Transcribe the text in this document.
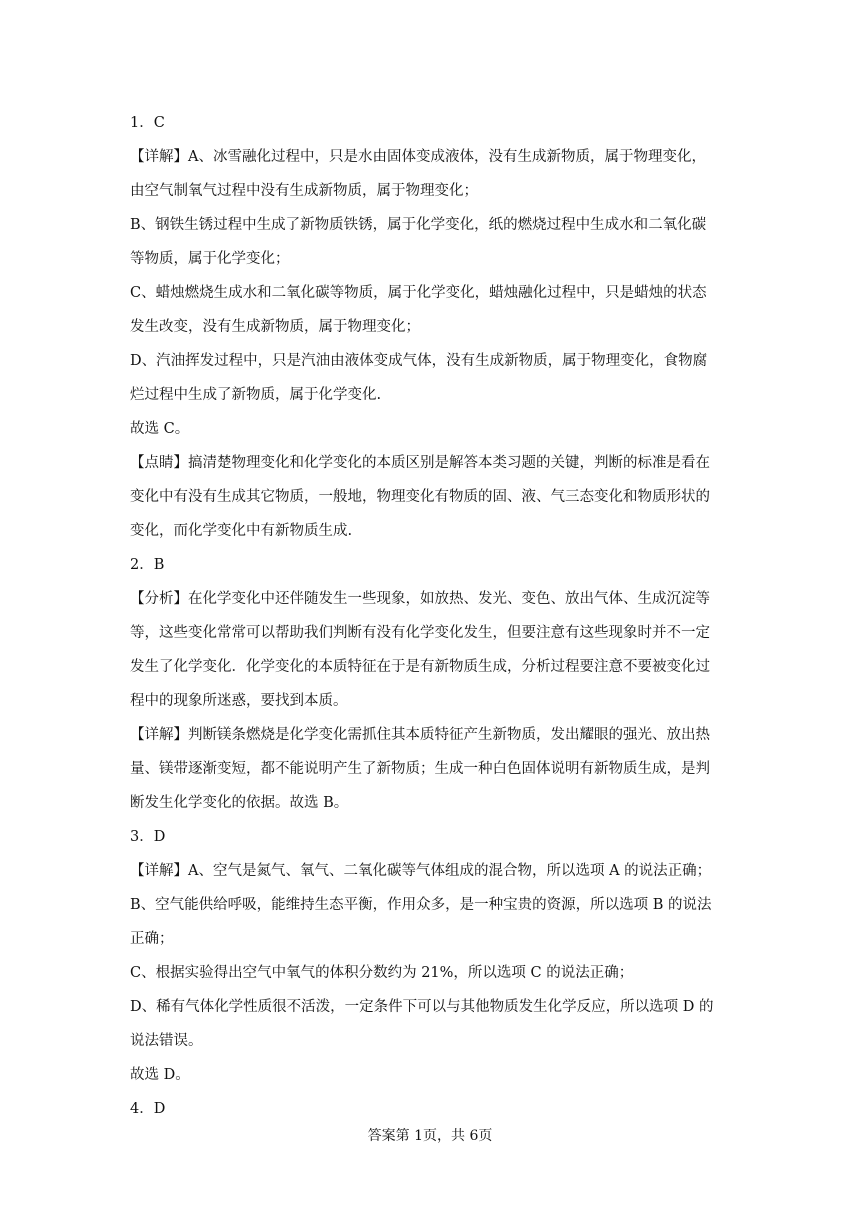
1．C
【详解】A、冰雪融化过程中，只是水由固体变成液体，没有生成新物质，属于物理变化，
由空气制氧气过程中没有生成新物质，属于物理变化；
B、钢铁生锈过程中生成了新物质铁锈，属于化学变化，纸的燃烧过程中生成水和二氧化碳
等物质，属于化学变化；
C、蜡烛燃烧生成水和二氧化碳等物质，属于化学变化，蜡烛融化过程中，只是蜡烛的状态
发生改变，没有生成新物质，属于物理变化；
D、汽油挥发过程中，只是汽油由液体变成气体，没有生成新物质，属于物理变化，食物腐
烂过程中生成了新物质，属于化学变化.
故选 C。
【点睛】搞清楚物理变化和化学变化的本质区别是解答本类习题的关键，判断的标准是看在
变化中有没有生成其它物质，一般地，物理变化有物质的固、液、气三态变化和物质形状的
变化，而化学变化中有新物质生成.
2．B
【分析】在化学变化中还伴随发生一些现象，如放热、发光、变色、放出气体、生成沉淀等
等，这些变化常常可以帮助我们判断有没有化学变化发生，但要注意有这些现象时并不一定
发生了化学变化．化学变化的本质特征在于是有新物质生成，分析过程要注意不要被变化过
程中的现象所迷惑，要找到本质。
【详解】判断镁条燃烧是化学变化需抓住其本质特征产生新物质，发出耀眼的强光、放出热
量、镁带逐渐变短，都不能说明产生了新物质；生成一种白色固体说明有新物质生成，是判
断发生化学变化的依据。故选 B。
3．D
【详解】A、空气是氮气、氧气、二氧化碳等气体组成的混合物，所以选项 A 的说法正确；
B、空气能供给呼吸，能维持生态平衡，作用众多，是一种宝贵的资源，所以选项 B 的说法
正确；
C、根据实验得出空气中氧气的体积分数约为 21%，所以选项 C 的说法正确；
D、稀有气体化学性质很不活泼，一定条件下可以与其他物质发生化学反应，所以选项 D 的
说法错误。
故选 D。
4．D
答案第 1页，共 6页
